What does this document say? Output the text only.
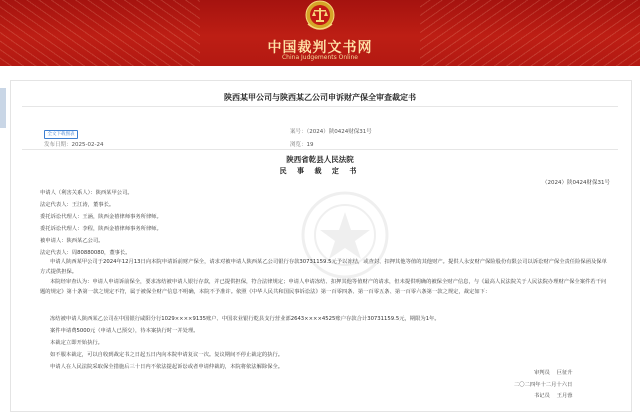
中国裁判文书网
China Judgements Online
陕西某甲公司与陕西某乙公司申诉财产保全审查裁定书
全文下载图表
发布日期：2025-02-24
案号：（2024）陕0424财保31号
浏览：19
陕西省乾县人民法院
民 事 裁 定 书
（2024）陕0424财保31号
申请人（利害关系人）：陕西某甲公司。
法定代表人：王江涛，董事长。
委托诉讼代理人：王涵，陕西金禧律师事务所律师。
委托诉讼代理人：李程，陕西金禧律师事务所律师。
被申请人：陕西某乙公司。
法定代表人：周80880080，董事长。
申请人陕西某甲公司于2024年12月13日向本院申请诉前财产保全，请求对被申请人陕西某乙公司银行存款30731159.5元予以冻结，或查封、扣押其他等值的其他财产。提供人永安财产保险股份有限公司以诉讼财产保全责任险保函及保单方式提供担保。
本院经审查认为：申请人申请诉前保全，要求冻结被申请人银行存款，并已提供担保，符合法律规定；申请人申请冻结、扣押其他等值财产的请求，但未提供明确的被保全财产信息，与《最高人民法院关于人民法院办理财产保全案件若干问题的规定》第十条第一款之规定不符，属于被保全财产信息不明确，本院不予准许。依照《中华人民共和国民事诉讼法》第一百零四条、第一百零五条、第一百零六条第一款之规定，裁定如下：
冻结被申请人陕西某乙公司在中国银行咸阳分行1029××××9135账户、中国农业银行乾县支行营业部2643××××4525账户存款合计30731159.5元，期限为1年。
案件申请费5000元（申请人已预交），待本案执行时一并处理。
本裁定立即开始执行。
如不服本裁定，可以自收到裁定书之日起五日内向本院申请复议一次。复议期间不停止裁定的执行。
申请人在人民法院采取保全措施后三十日内不依法提起诉讼或者申请仲裁的，本院将依法解除保全。
审判员 巨征升
二〇二四年十二月十六日
书记员 王月蓉
